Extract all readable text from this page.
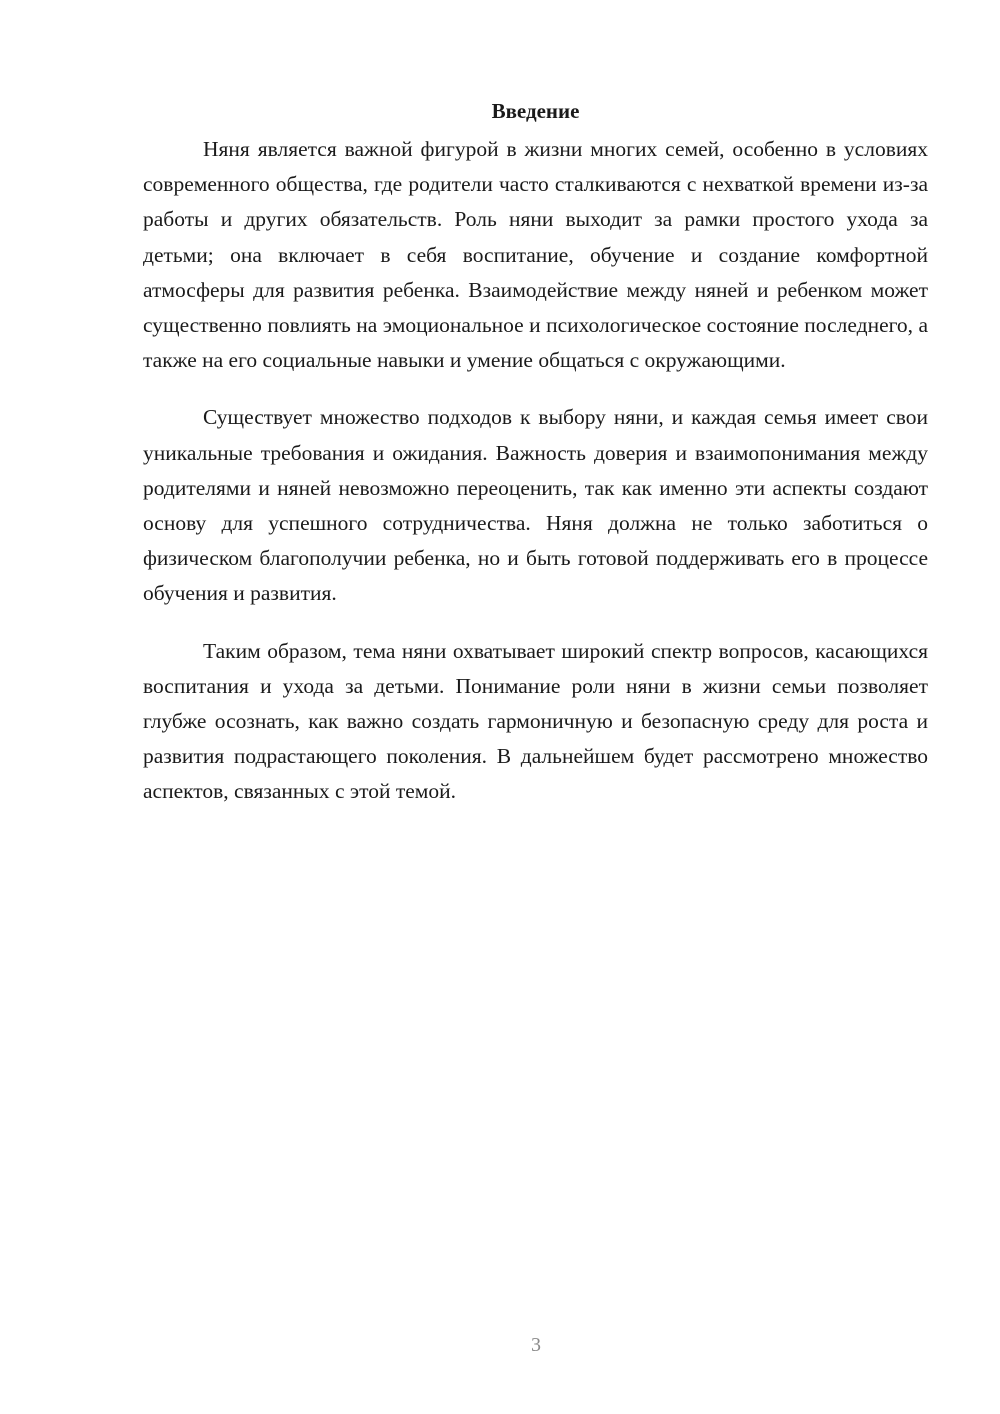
Введение

Няня является важной фигурой в жизни многих семей, особенно в условиях современного общества, где родители часто сталкиваются с нехваткой времени из-за работы и других обязательств. Роль няни выходит за рамки простого ухода за детьми; она включает в себя воспитание, обучение и создание комфортной атмосферы для развития ребенка. Взаимодействие между няней и ребенком может существенно повлиять на эмоциональное и психологическое состояние последнего, а также на его социальные навыки и умение общаться с окружающими.

Существует множество подходов к выбору няни, и каждая семья имеет свои уникальные требования и ожидания. Важность доверия и взаимопонимания между родителями и няней невозможно переоценить, так как именно эти аспекты создают основу для успешного сотрудничества. Няня должна не только заботиться о физическом благополучии ребенка, но и быть готовой поддерживать его в процессе обучения и развития.

Таким образом, тема няни охватывает широкий спектр вопросов, касающихся воспитания и ухода за детьми. Понимание роли няни в жизни семьи позволяет глубже осознать, как важно создать гармоничную и безопасную среду для роста и развития подрастающего поколения. В дальнейшем будет рассмотрено множество аспектов, связанных с этой темой.

3
